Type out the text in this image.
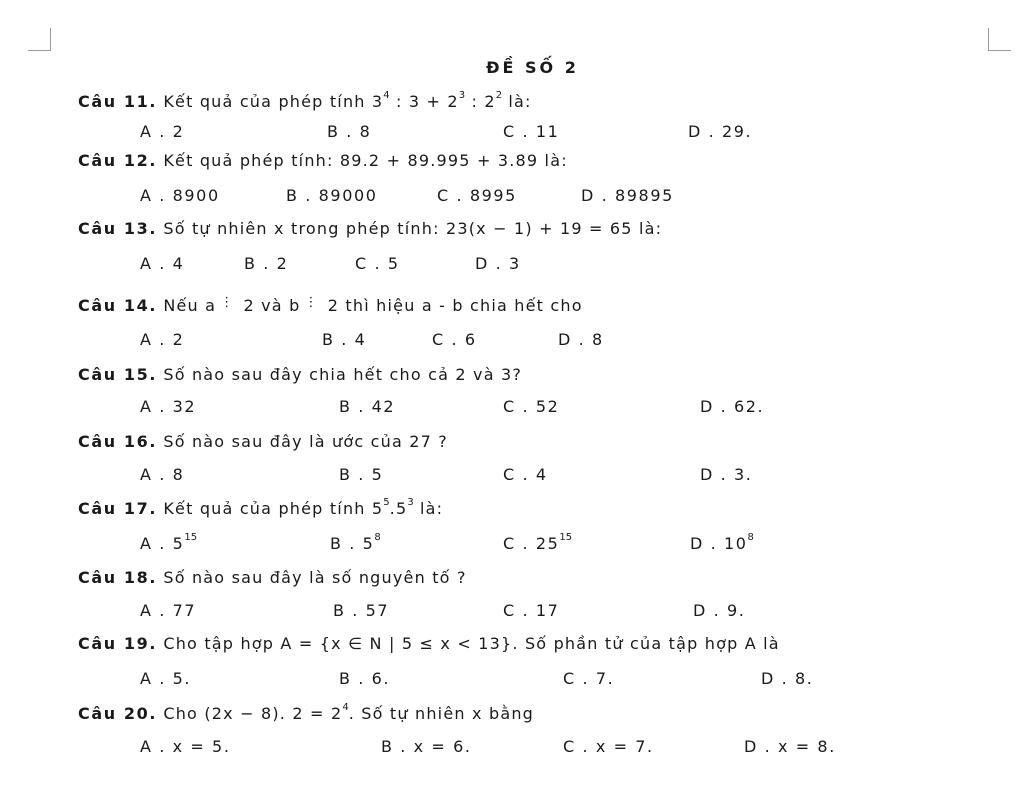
ĐỀ SỐ 2
Câu 11. Kết quả của phép tính $3^4$ : $3 + 2^3$ : $2^2$ là:
A . 2	B . 8	C . 11	D . 29.
Câu 12. Kết quả phép tính: 89.2 + 89.995 + 3.89 là:
A . 8900	B . 89000	C . 8995	D . 89895
Câu 13. Số tự nhiên x trong phép tính: 23(x − 1) + 19 = 65 là:
A . 4	B . 2	C . 5	D . 3
Câu 14. Nếu a ⋮ 2 và b ⋮ 2 thì hiệu a - b chia hết cho
A . 2	B . 4	C . 6	D . 8
Câu 15. Số nào sau đây chia hết cho cả 2 và 3?
A . 32	B . 42	C . 52	D . 62.
Câu 16. Số nào sau đây là ước của 27 ?
A . 8	B . 5	C . 4	D . 3.
Câu 17. Kết quả của phép tính $5^5.5^3$ là:
A . $5^{15}$	B . $5^8$	C . $25^{15}$	D . $10^8$
Câu 18. Số nào sau đây là số nguyên tố ?
A . 77	B . 57	C . 17	D . 9.
Câu 19. Cho tập hợp A = {x ∈ N | 5 ≤ x < 13}. Số phần tử của tập hợp A là
A . 5.	B . 6.	C . 7.	D . 8.
Câu 20. Cho (2x − 8). $2 = 2^4$. Số tự nhiên x bằng
A . x = 5.	B . x = 6.	C . x = 7.	D . x = 8.
